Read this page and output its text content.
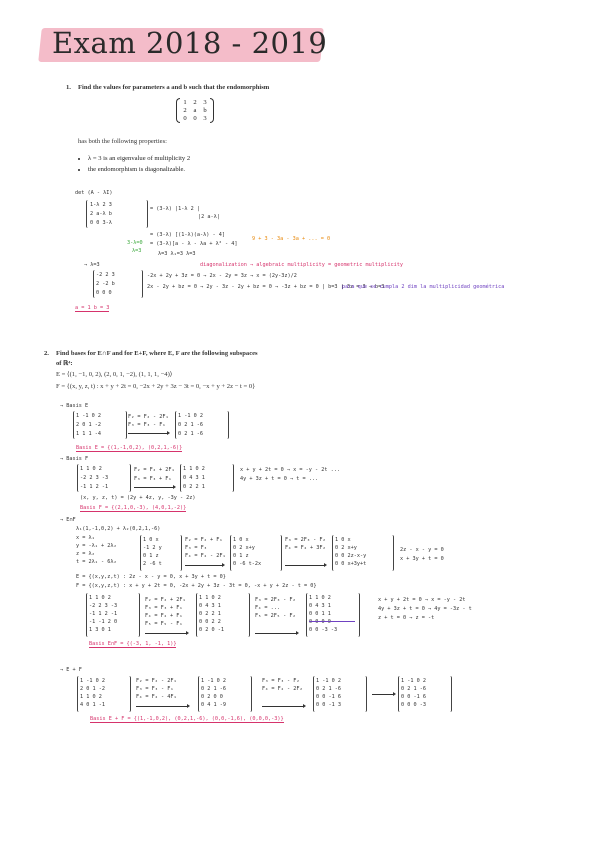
Exam 2018 - 2019
1. Find the values for parameters a and b such that the endomorphism
1	2	3
2	a	b
0	0	3
has both the following properties:
• λ = 3 is an eigenvalue of multiplicity 2
• the endomorphism is diagonalizable.
det (A - λI)
1-λ 2 3
2 a-λ b
0 0 3-λ
= (3-λ) |1-λ 2 |
|2 a-λ|
= (3-λ) [(1-λ)(a-λ) - 4]
= (3-λ)[a - λ - λa + λ² - 4]
λ=3 λ₁=3 λ=3
3-λ=0
λ=3
9 + 3 - 3a - 3a + ... = 0
→ λ=3	diagonalization → algebraic multiplicity = geometric multiplicity
-2 2 3
2 -2 b
0 0 0
-2x + 2y + 3z = 0 → 2x - 2y = 3z → x = (2y-3z)/2
2x - 2y + bz = 0 → 2y - 3z - 2y + bz = 0 → -3z + bz = 0 | b=3 | 3z = 3 → b=3
para que se cumpla 2 dim la multiplicidad geométrica
a = 1 b = 3
2. Find bases for E∩F and for E+F, where E, F are the following subspaces
of ℝ⁴:
E = ⟨(1, −1, 0, 2), (2, 0, 1, −2), (1, 1, 1, −4)⟩
F = {(x, y, z, t) : x + y + 2t = 0, −2x + 2y + 3z − 3t = 0, −x + y + 2z − t = 0}
→ Basis E
1 -1 0 2
2 0 1 -2
1 1 1 -4
F₂ = F₂ - 2F₁
F₃ = F₃ - F₁
1 -1 0 2
0 2 1 -6
0 2 1 -6
Basis E = {(1,-1,0,2), (0,2,1,-6)}
→ Basis F
1 1 0 2
-2 2 3 -3
-1 1 2 -1
F₂ = F₂ + 2F₁
F₃ = F₃ + F₁
1 1 0 2
0 4 3 1
0 2 2 1
x + y + 2t = 0 → x = -y - 2t ...
4y + 3z + t = 0 → t = ...
(x, y, z, t) = (2y + 4z, y, -3y - 2z)
Basis F = {(2,1,0,-3), (4,0,1,-2)}
→ E∩F
λ₁(1,-1,0,2) + λ₂(0,2,1,-6)
x = λ₁
y = -λ₁ + 2λ₂
z = λ₂
t = 2λ₁ - 6λ₂
1 0 x
-1 2 y
0 1 z
2 -6 t
F₂ = F₂ + F₁
F₃ = F₃
F₄ = F₄ - 2F₁
1 0 x
0 2 x+y
0 1 z
0 -6 t-2x
F₃ = 2F₃ - F₂
F₄ = F₄ + 3F₂
1 0 x
0 2 x+y
0 0 2z-x-y
0 0 x+3y+t
2z - x - y = 0
x + 3y + t = 0
E = {(x,y,z,t) : 2z - x - y = 0, x + 3y + t = 0}
F = {(x,y,z,t) : x + y + 2t = 0, -2x + 2y + 3z - 3t = 0, -x + y + 2z - t = 0}
1 1 0 2
-2 2 3 -3
-1 1 2 -1
-1 -1 2 0
1 3 0 1
F₂ = F₂ + 2F₁
F₃ = F₃ + F₁
F₄ = F₄ + F₁
F₅ = F₅ - F₁
1 1 0 2
0 4 3 1
0 2 2 1
0 0 2 2
0 2 0 -1
F₃ = 2F₃ - F₂
F₄ = ...
F₅ = 2F₅ - F₂
1 1 0 2
0 4 3 1
0 0 1 1
0 0 0 0
0 0 -3 -3
x + y + 2t = 0 → x = -y - 2t
4y + 3z + t = 0 → 4y = -3z - t
z + t = 0 → z = -t
Basis E∩F = {(-3, 1, -1, 1)}
→ E + F
1 -1 0 2
2 0 1 -2
1 1 0 2
4 0 1 -1
F₂ = F₂ - 2F₁
F₃ = F₃ - F₁
F₄ = F₄ - 4F₁
1 -1 0 2
0 2 1 -6
0 2 0 0
0 4 1 -9
F₃ = F₃ - F₂
F₄ = F₄ - 2F₂
1 -1 0 2
0 2 1 -6
0 0 -1 6
0 0 -1 3
1 -1 0 2
0 2 1 -6
0 0 -1 6
0 0 0 -3
Basis E + F = {(1,-1,0,2), (0,2,1,-6), (0,0,-1,6), (0,0,0,-3)}
